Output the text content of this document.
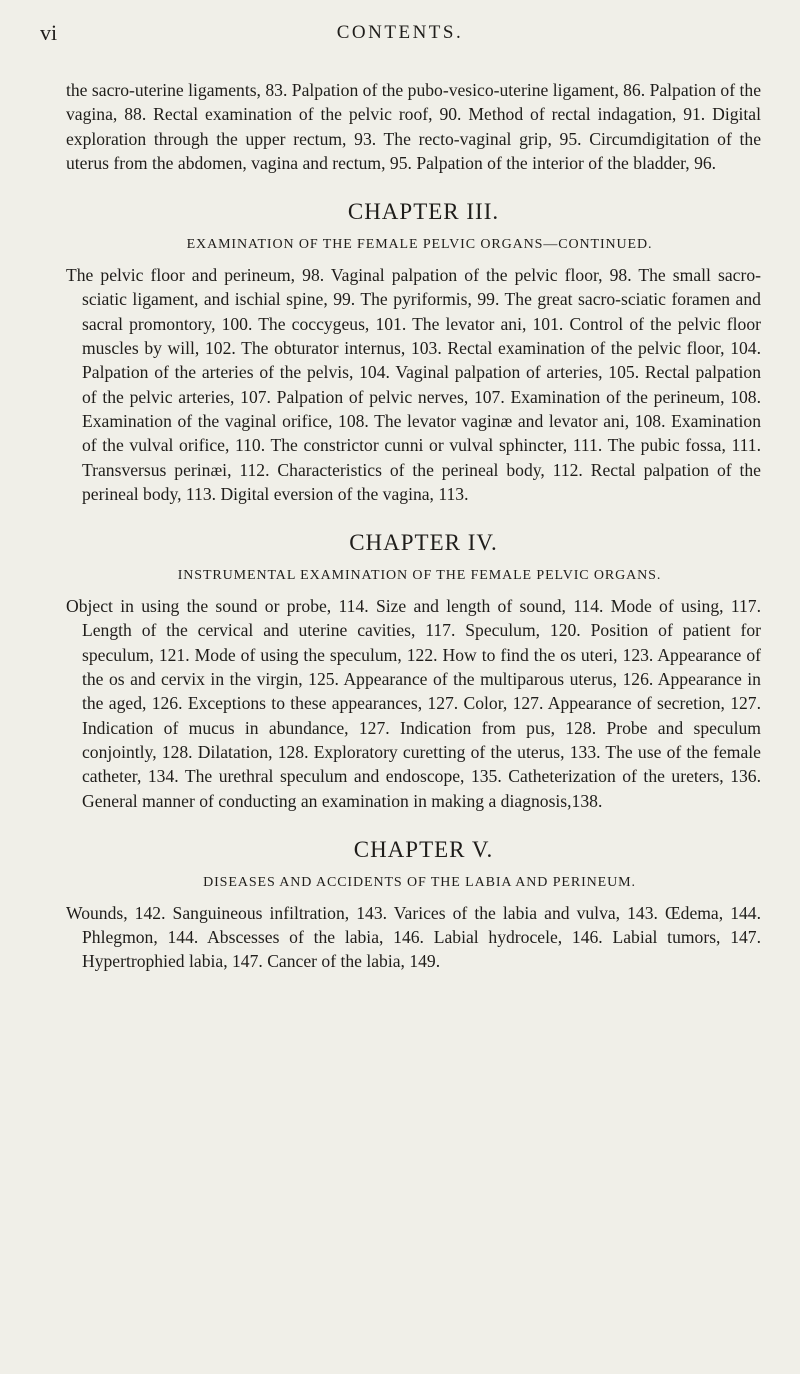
vi	CONTENTS.

the sacro-uterine ligaments, 83. Palpation of the pubo-vesico-uterine ligament, 86. Palpation of the vagina, 88. Rectal examination of the pelvic roof, 90. Method of rectal indagation, 91. Digital exploration through the upper rectum, 93. The recto-vaginal grip, 95. Circumdigitation of the uterus from the abdomen, vagina and rectum, 95. Palpation of the interior of the bladder, 96.

CHAPTER III.
EXAMINATION OF THE FEMALE PELVIC ORGANS—CONTINUED.

The pelvic floor and perineum, 98. Vaginal palpation of the pelvic floor, 98. The small sacro-sciatic ligament, and ischial spine, 99. The pyriformis, 99. The great sacro-sciatic foramen and sacral promontory, 100. The coccygeus, 101. The levator ani, 101. Control of the pelvic floor muscles by will, 102. The obturator internus, 103. Rectal examination of the pelvic floor, 104. Palpation of the arteries of the pelvis, 104. Vaginal palpation of arteries, 105. Rectal palpation of the pelvic arteries, 107. Palpation of pelvic nerves, 107. Examination of the perineum, 108. Examination of the vaginal orifice, 108. The levator vaginæ and levator ani, 108. Examination of the vulval orifice, 110. The constrictor cunni or vulval sphincter, 111. The pubic fossa, 111. Transversus perinæi, 112. Characteristics of the perineal body, 112. Rectal palpation of the perineal body, 113. Digital eversion of the vagina, 113.

CHAPTER IV.
INSTRUMENTAL EXAMINATION OF THE FEMALE PELVIC ORGANS.

Object in using the sound or probe, 114. Size and length of sound, 114. Mode of using, 117. Length of the cervical and uterine cavities, 117. Speculum, 120. Position of patient for speculum, 121. Mode of using the speculum, 122. How to find the os uteri, 123. Appearance of the os and cervix in the virgin, 125. Appearance of the multiparous uterus, 126. Appearance in the aged, 126. Exceptions to these appearances, 127. Color, 127. Appearance of secretion, 127. Indication of mucus in abundance, 127. Indication from pus, 128. Probe and speculum conjointly, 128. Dilatation, 128. Exploratory curetting of the uterus, 133. The use of the female catheter, 134. The urethral speculum and endoscope, 135. Catheterization of the ureters, 136. General manner of conducting an examination in making a diagnosis,138.

CHAPTER V.
DISEASES AND ACCIDENTS OF THE LABIA AND PERINEUM.

Wounds, 142. Sanguineous infiltration, 143. Varices of the labia and vulva, 143. Œdema, 144. Phlegmon, 144. Abscesses of the labia, 146. Labial hydrocele, 146. Labial tumors, 147. Hypertrophied labia, 147. Cancer of the labia, 149.
